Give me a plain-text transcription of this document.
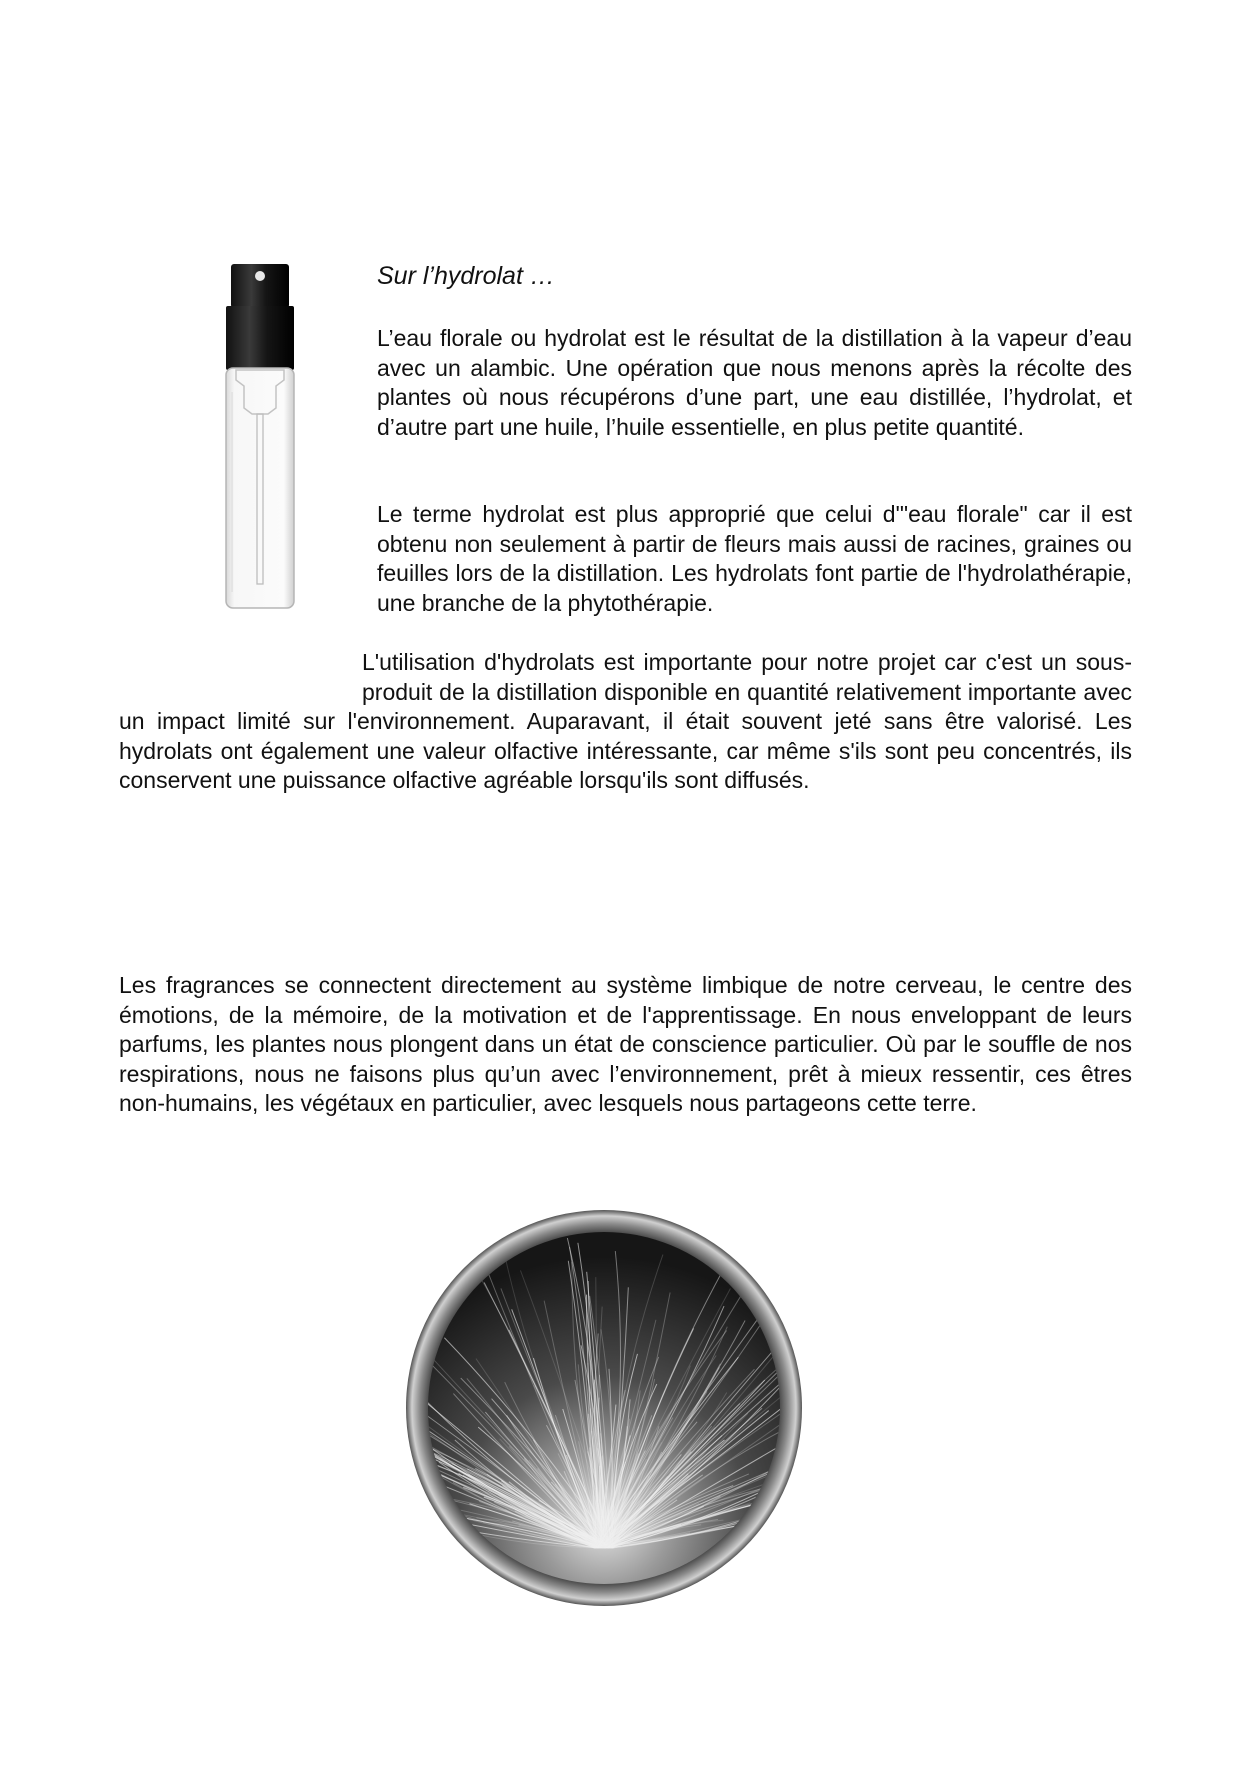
Sur l’hydrolat …

L’eau florale ou hydrolat est le résultat de la distillation à la vapeur d’eau avec un alambic. Une opération que nous menons après la récolte des plantes où nous récupérons d’une part, une eau distillée, l’hydrolat, et d’autre part une huile, l’huile essentielle, en plus petite quantité.

Le terme hydrolat est plus approprié que celui d'"eau florale" car il est obtenu non seulement à partir de fleurs mais aussi de racines, graines ou feuilles lors de la distillation. Les hydrolats font partie de l'hydrolathérapie, une branche de la phytothérapie.

L'utilisation d'hydrolats est importante pour notre projet car c'est un sous-produit de la distillation disponible en quantité relativement importante avec un impact limité sur l'environnement. Auparavant, il était souvent jeté sans être valorisé. Les hydrolats ont également une valeur olfactive intéressante, car même s'ils sont peu concentrés, ils conservent une puissance olfactive agréable lorsqu'ils sont diffusés.

Les fragrances se connectent directement au système limbique de notre cerveau, le centre des émotions, de la mémoire, de la motivation et de l'apprentissage. En nous enveloppant de leurs parfums, les plantes nous plongent dans un état de conscience particulier. Où par le souffle de nos respirations, nous ne faisons plus qu’un avec l’environnement, prêt à mieux ressentir, ces êtres non-humains, les végétaux en particulier, avec lesquels nous partageons cette terre.
